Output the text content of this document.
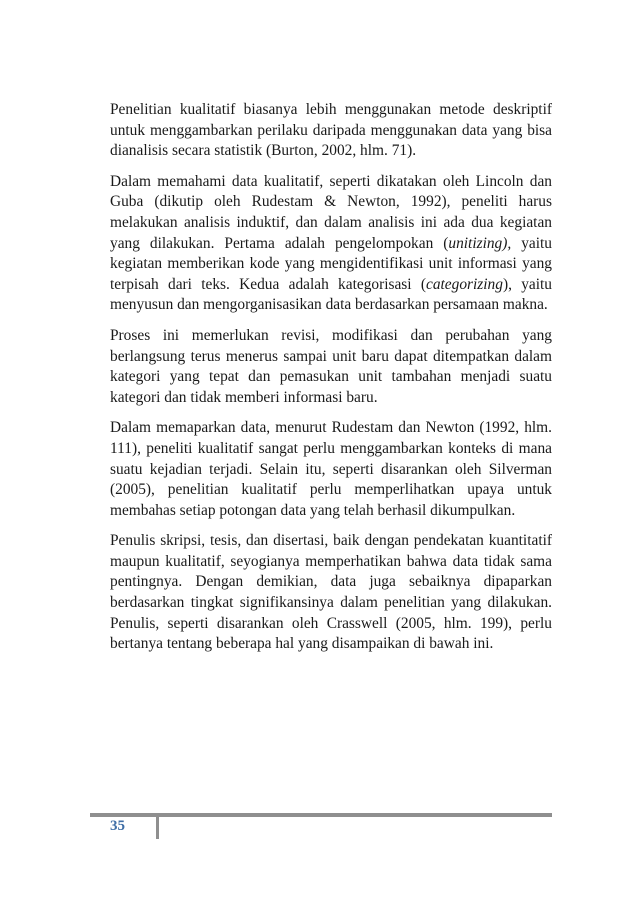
Penelitian kualitatif biasanya lebih menggunakan metode deskriptif untuk menggambarkan perilaku daripada menggunakan data yang bisa dianalisis secara statistik (Burton, 2002, hlm. 71).

Dalam memahami data kualitatif, seperti dikatakan oleh Lincoln dan Guba (dikutip oleh Rudestam & Newton, 1992), peneliti harus melakukan analisis induktif, dan dalam analisis ini ada dua kegiatan yang dilakukan. Pertama adalah pengelompokan (unitizing), yaitu kegiatan memberikan kode yang mengidentifikasi unit informasi yang terpisah dari teks. Kedua adalah kategorisasi (categorizing), yaitu menyusun dan mengorganisasikan data berdasarkan persamaan makna.

Proses ini memerlukan revisi, modifikasi dan perubahan yang berlangsung terus menerus sampai unit baru dapat ditempatkan dalam kategori yang tepat dan pemasukan unit tambahan menjadi suatu kategori dan tidak memberi informasi baru.

Dalam memaparkan data, menurut Rudestam dan Newton (1992, hlm. 111), peneliti kualitatif sangat perlu menggambarkan konteks di mana suatu kejadian terjadi. Selain itu, seperti disarankan oleh Silverman (2005), penelitian kualitatif perlu memperlihatkan upaya untuk membahas setiap potongan data yang telah berhasil dikumpulkan.

Penulis skripsi, tesis, dan disertasi, baik dengan pendekatan kuantitatif maupun kualitatif, seyogianya memperhatikan bahwa data tidak sama pentingnya. Dengan demikian, data juga sebaiknya dipaparkan berdasarkan tingkat signifikansinya dalam penelitian yang dilakukan. Penulis, seperti disarankan oleh Crasswell (2005, hlm. 199), perlu bertanya tentang beberapa hal yang disampaikan di bawah ini.

35
